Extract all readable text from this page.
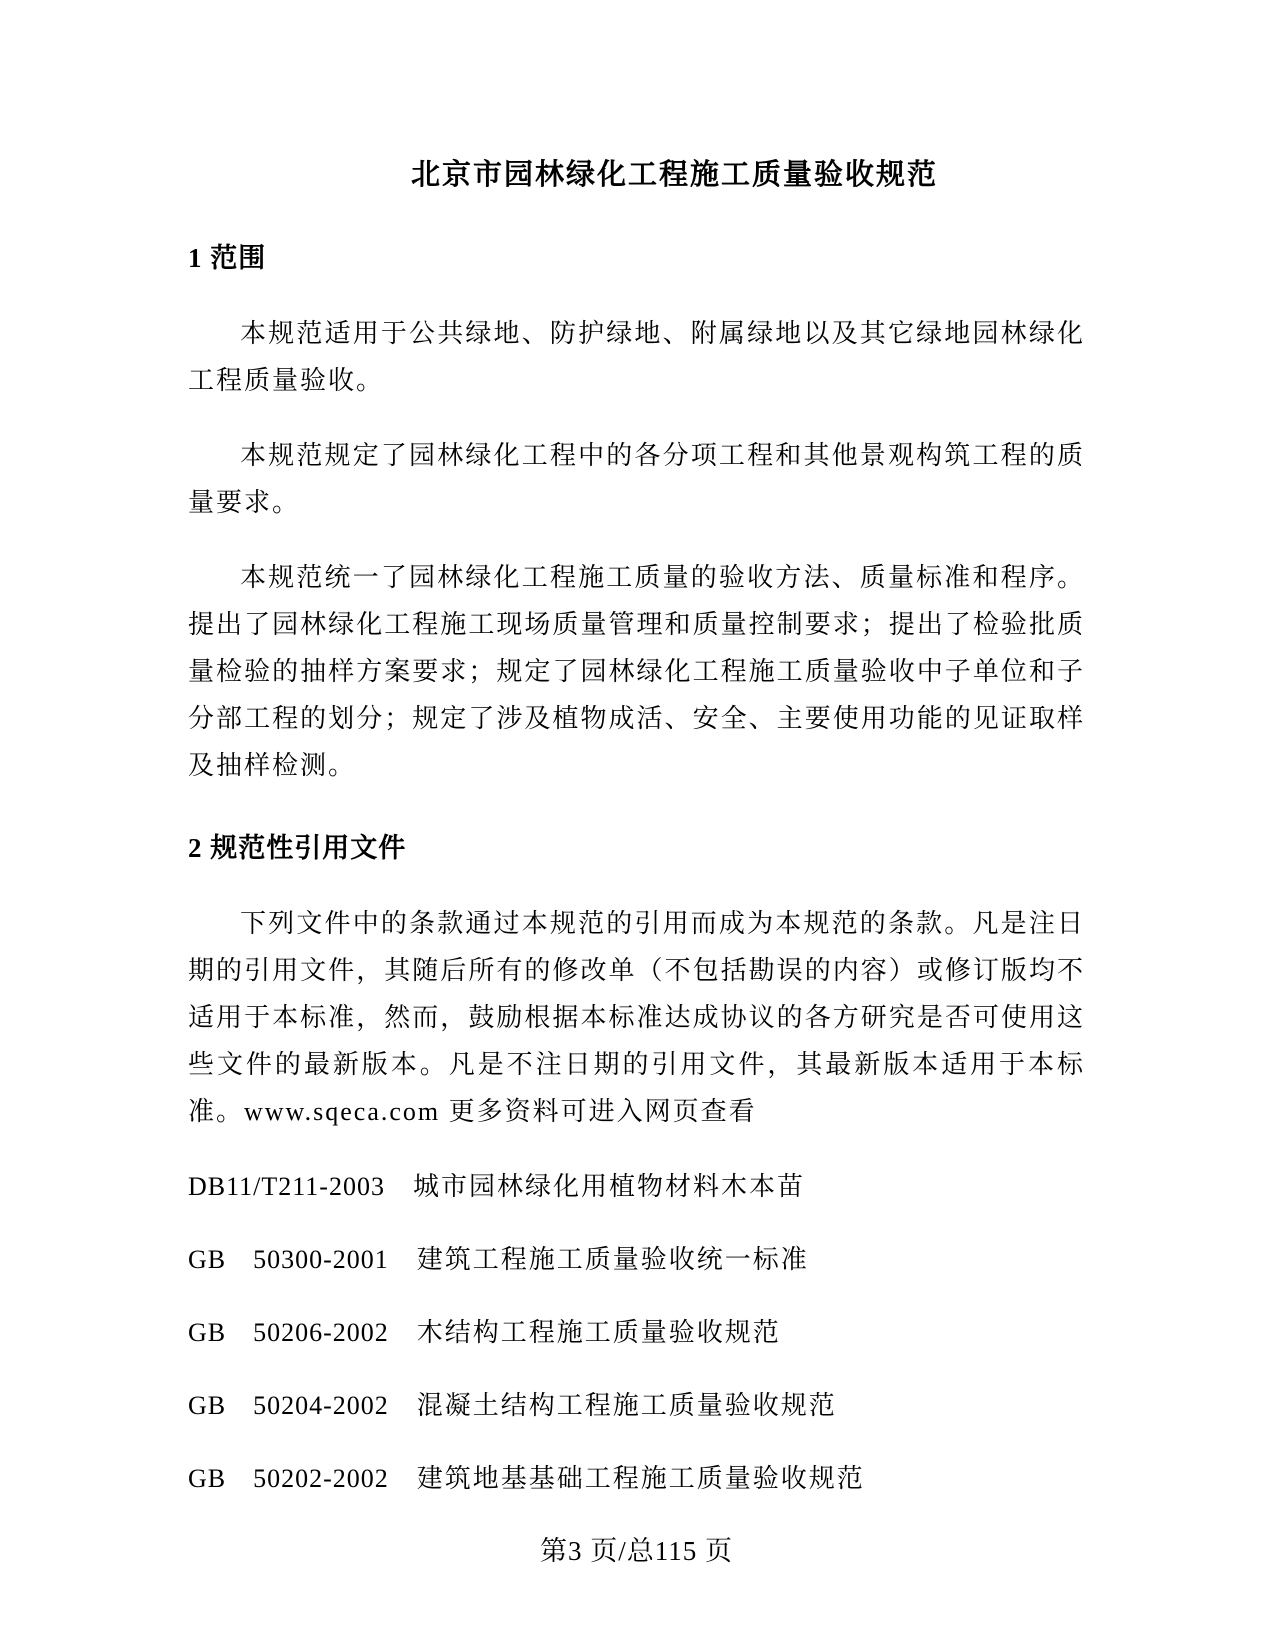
北京市园林绿化工程施工质量验收规范
1 范围

本规范适用于公共绿地、防护绿地、附属绿地以及其它绿地园林绿化工程质量验收。

本规范规定了园林绿化工程中的各分项工程和其他景观构筑工程的质量要求。

本规范统一了园林绿化工程施工质量的验收方法、质量标准和程序。提出了园林绿化工程施工现场质量管理和质量控制要求；提出了检验批质量检验的抽样方案要求；规定了园林绿化工程施工质量验收中子单位和子分部工程的划分；规定了涉及植物成活、安全、主要使用功能的见证取样及抽样检测。

2 规范性引用文件

下列文件中的条款通过本规范的引用而成为本规范的条款。凡是注日期的引用文件，其随后所有的修改单（不包括勘误的内容）或修订版均不适用于本标准，然而，鼓励根据本标准达成协议的各方研究是否可使用这些文件的最新版本。凡是不注日期的引用文件，其最新版本适用于本标准。www.sqeca.com 更多资料可进入网页查看

DB11/T211-2003 城市园林绿化用植物材料木本苗

GB　50300-2001 建筑工程施工质量验收统一标准

GB　50206-2002 木结构工程施工质量验收规范

GB　50204-2002 混凝土结构工程施工质量验收规范

GB　50202-2002 建筑地基基础工程施工质量验收规范

第3 页/总115 页
